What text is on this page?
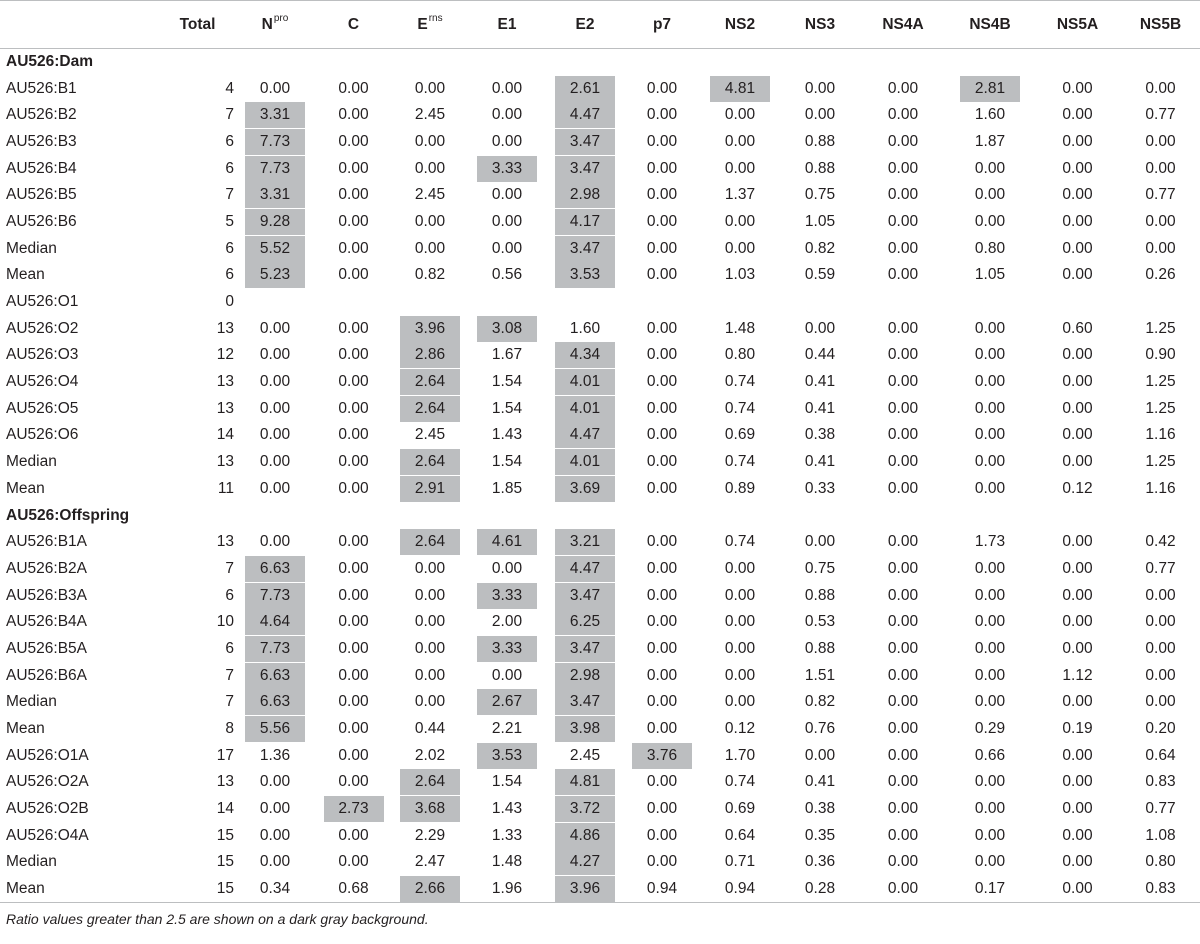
	Total	$N^{pro}$	C	$E^{rns}$	E1	E2	p7	NS2	NS3	NS4A	NS4B	NS5A	NS5B
AU526:Dam													
AU526:B1	4	0.00	0.00	0.00	0.00	2.61	0.00	4.81	0.00	0.00	2.81	0.00	0.00
AU526:B2	7	3.31	0.00	2.45	0.00	4.47	0.00	0.00	0.00	0.00	1.60	0.00	0.77
AU526:B3	6	7.73	0.00	0.00	0.00	3.47	0.00	0.00	0.88	0.00	1.87	0.00	0.00
AU526:B4	6	7.73	0.00	0.00	3.33	3.47	0.00	0.00	0.88	0.00	0.00	0.00	0.00
AU526:B5	7	3.31	0.00	2.45	0.00	2.98	0.00	1.37	0.75	0.00	0.00	0.00	0.77
AU526:B6	5	9.28	0.00	0.00	0.00	4.17	0.00	0.00	1.05	0.00	0.00	0.00	0.00
Median	6	5.52	0.00	0.00	0.00	3.47	0.00	0.00	0.82	0.00	0.80	0.00	0.00
Mean	6	5.23	0.00	0.82	0.56	3.53	0.00	1.03	0.59	0.00	1.05	0.00	0.26
AU526:O1	0												
AU526:O2	13	0.00	0.00	3.96	3.08	1.60	0.00	1.48	0.00	0.00	0.00	0.60	1.25
AU526:O3	12	0.00	0.00	2.86	1.67	4.34	0.00	0.80	0.44	0.00	0.00	0.00	0.90
AU526:O4	13	0.00	0.00	2.64	1.54	4.01	0.00	0.74	0.41	0.00	0.00	0.00	1.25
AU526:O5	13	0.00	0.00	2.64	1.54	4.01	0.00	0.74	0.41	0.00	0.00	0.00	1.25
AU526:O6	14	0.00	0.00	2.45	1.43	4.47	0.00	0.69	0.38	0.00	0.00	0.00	1.16
Median	13	0.00	0.00	2.64	1.54	4.01	0.00	0.74	0.41	0.00	0.00	0.00	1.25
Mean	11	0.00	0.00	2.91	1.85	3.69	0.00	0.89	0.33	0.00	0.00	0.12	1.16
AU526:Offspring													
AU526:B1A	13	0.00	0.00	2.64	4.61	3.21	0.00	0.74	0.00	0.00	1.73	0.00	0.42
AU526:B2A	7	6.63	0.00	0.00	0.00	4.47	0.00	0.00	0.75	0.00	0.00	0.00	0.77
AU526:B3A	6	7.73	0.00	0.00	3.33	3.47	0.00	0.00	0.88	0.00	0.00	0.00	0.00
AU526:B4A	10	4.64	0.00	0.00	2.00	6.25	0.00	0.00	0.53	0.00	0.00	0.00	0.00
AU526:B5A	6	7.73	0.00	0.00	3.33	3.47	0.00	0.00	0.88	0.00	0.00	0.00	0.00
AU526:B6A	7	6.63	0.00	0.00	0.00	2.98	0.00	0.00	1.51	0.00	0.00	1.12	0.00
Median	7	6.63	0.00	0.00	2.67	3.47	0.00	0.00	0.82	0.00	0.00	0.00	0.00
Mean	8	5.56	0.00	0.44	2.21	3.98	0.00	0.12	0.76	0.00	0.29	0.19	0.20
AU526:O1A	17	1.36	0.00	2.02	3.53	2.45	3.76	1.70	0.00	0.00	0.66	0.00	0.64
AU526:O2A	13	0.00	0.00	2.64	1.54	4.81	0.00	0.74	0.41	0.00	0.00	0.00	0.83
AU526:O2B	14	0.00	2.73	3.68	1.43	3.72	0.00	0.69	0.38	0.00	0.00	0.00	0.77
AU526:O4A	15	0.00	0.00	2.29	1.33	4.86	0.00	0.64	0.35	0.00	0.00	0.00	1.08
Median	15	0.00	0.00	2.47	1.48	4.27	0.00	0.71	0.36	0.00	0.00	0.00	0.80
Mean	15	0.34	0.68	2.66	1.96	3.96	0.94	0.94	0.28	0.00	0.17	0.00	0.83
Ratio values greater than 2.5 are shown on a dark gray background.													
